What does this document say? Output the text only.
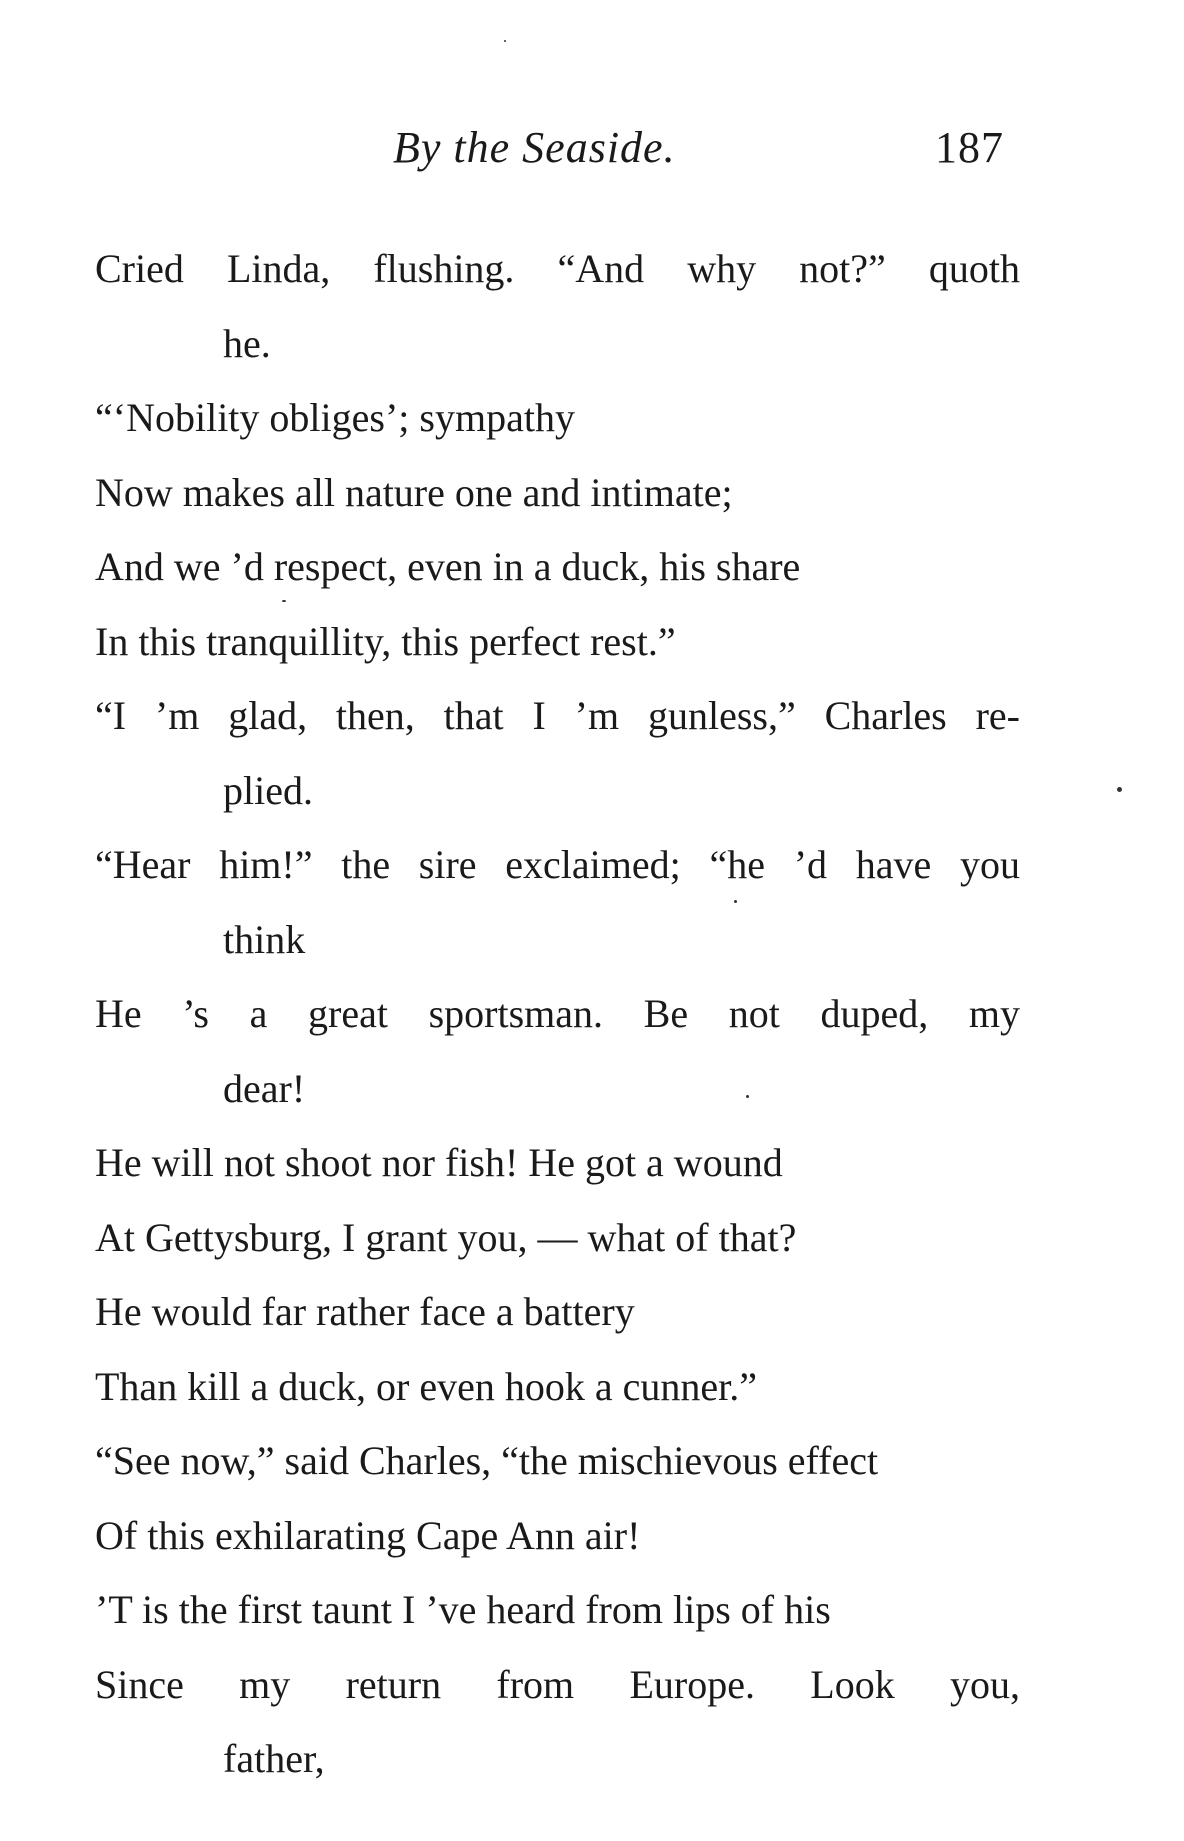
By the Seaside.	187
Cried Linda, flushing. “And why not?” quoth
he.
“‘Nobility obliges’; sympathy
Now makes all nature one and intimate;
And we ’d respect, even in a duck, his share
In this tranquillity, this perfect rest.”
“I ’m glad, then, that I ’m gunless,” Charles re-
plied.
“Hear him!” the sire exclaimed; “he ’d have you
think
He ’s a great sportsman. Be not duped, my
dear!
He will not shoot nor fish! He got a wound
At Gettysburg, I grant you, — what of that?
He would far rather face a battery
Than kill a duck, or even hook a cunner.”
“See now,” said Charles, “the mischievous effect
Of this exhilarating Cape Ann air!
’T is the first taunt I ’ve heard from lips of his
Since my return from Europe. Look you,
father,
